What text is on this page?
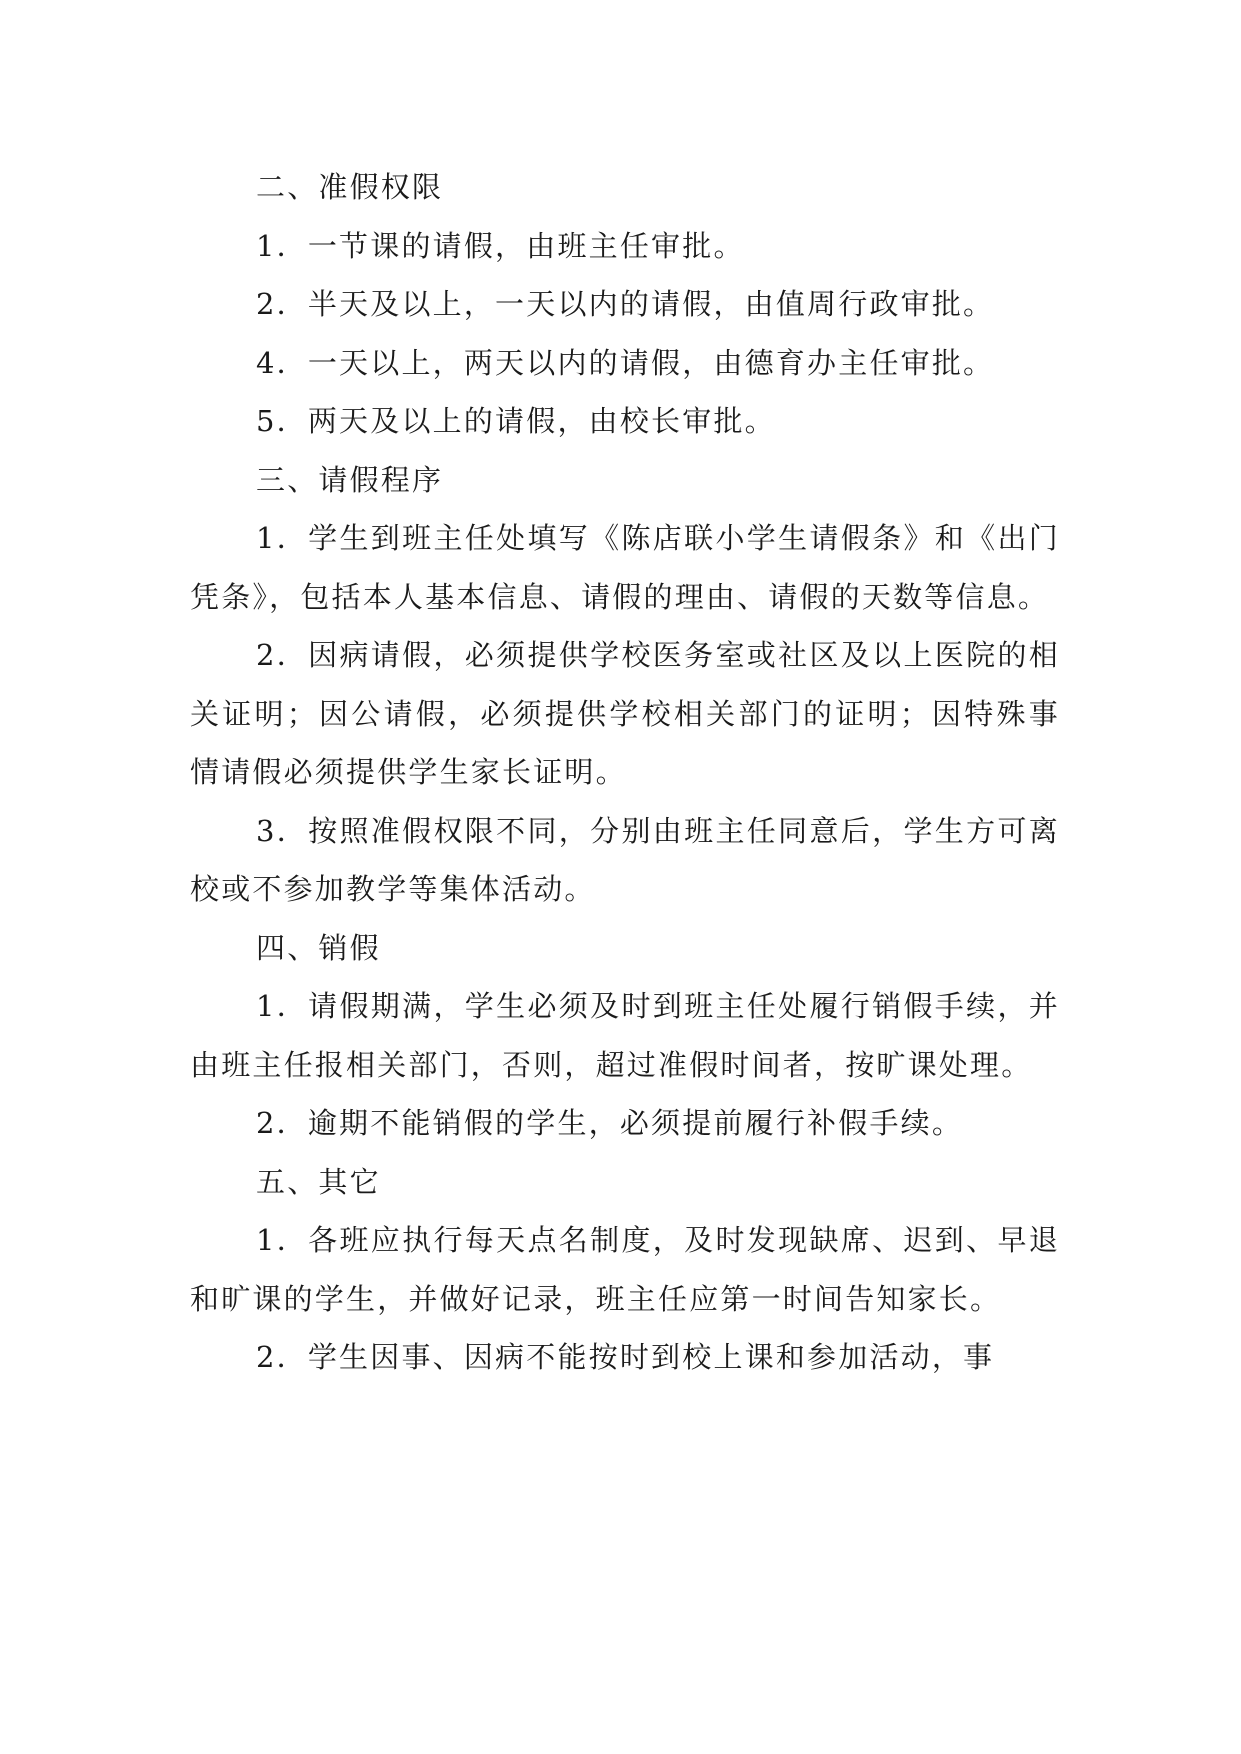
二、准假权限

1．一节课的请假，由班主任审批。

2．半天及以上，一天以内的请假，由值周行政审批。

4．一天以上，两天以内的请假，由德育办主任审批。

5．两天及以上的请假，由校长审批。

三、请假程序

1．学生到班主任处填写《陈店联小学生请假条》和《出门凭条》，包括本人基本信息、请假的理由、请假的天数等信息。

2．因病请假，必须提供学校医务室或社区及以上医院的相关证明；因公请假，必须提供学校相关部门的证明；因特殊事情请假必须提供学生家长证明。

3．按照准假权限不同，分别由班主任同意后，学生方可离校或不参加教学等集体活动。

四、销假

1．请假期满，学生必须及时到班主任处履行销假手续，并由班主任报相关部门，否则，超过准假时间者，按旷课处理。

2．逾期不能销假的学生，必须提前履行补假手续。

五、其它

1．各班应执行每天点名制度，及时发现缺席、迟到、早退和旷课的学生，并做好记录，班主任应第一时间告知家长。

2．学生因事、因病不能按时到校上课和参加活动，事
